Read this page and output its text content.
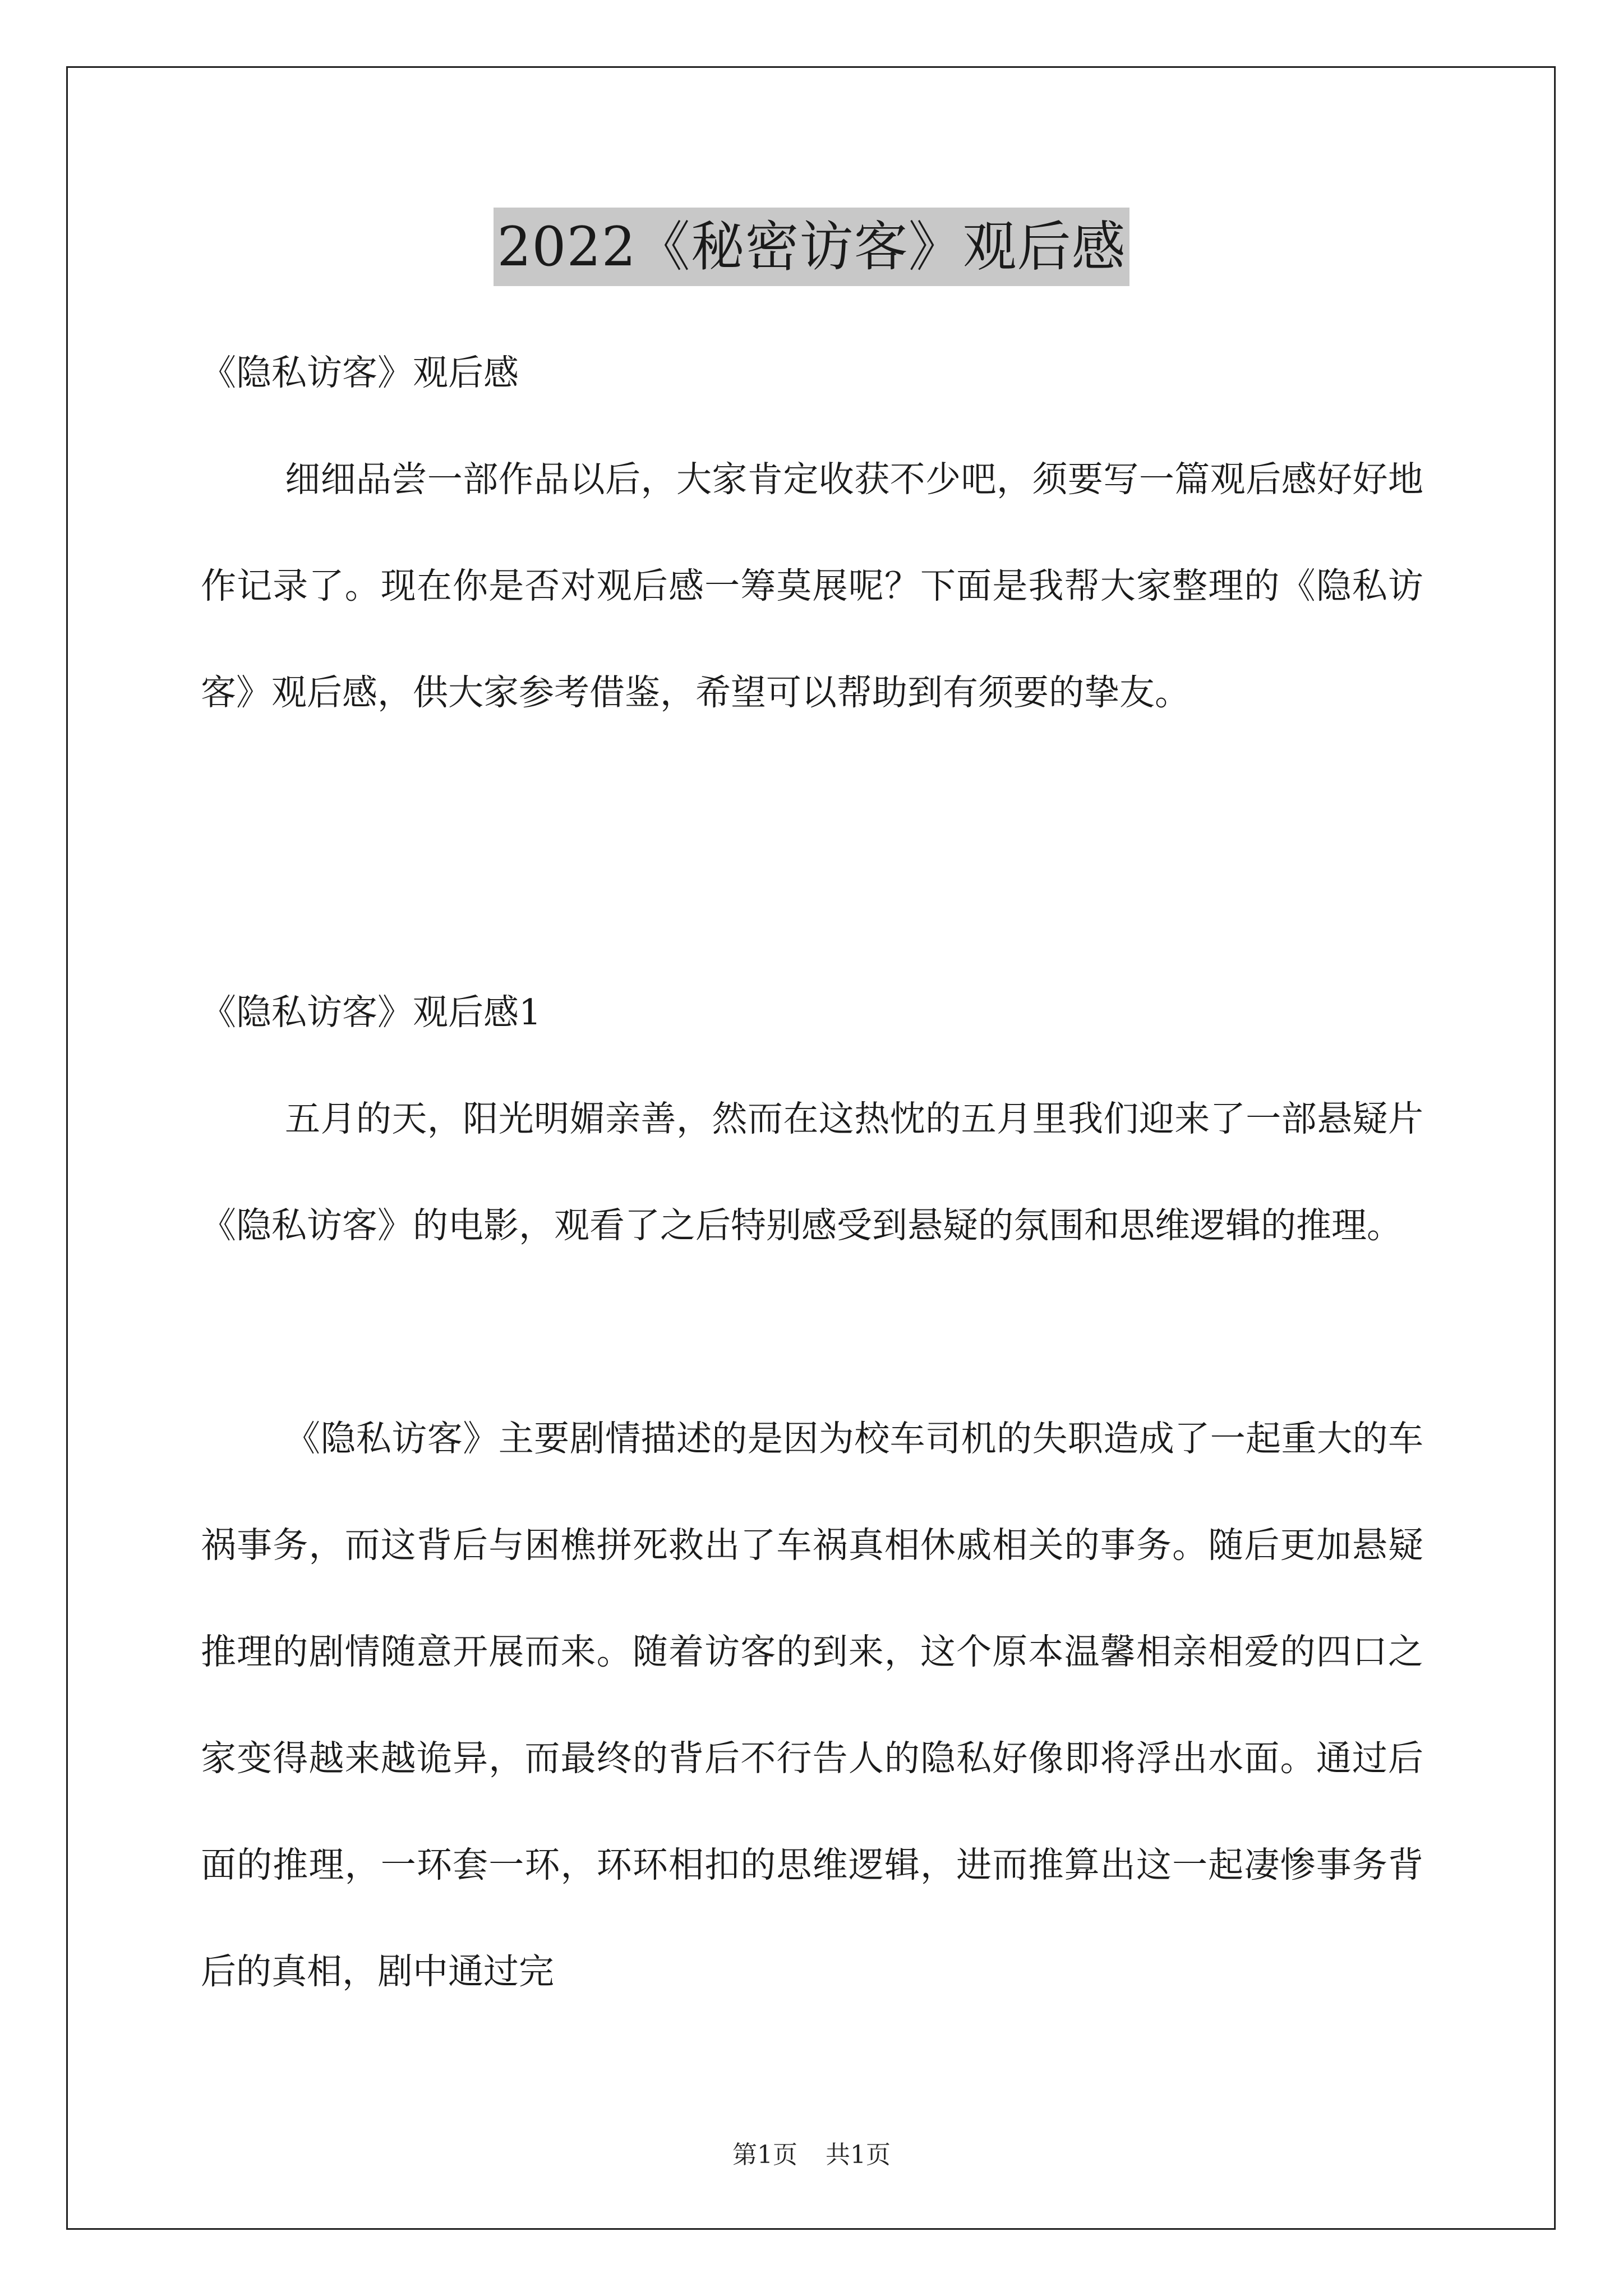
2022《秘密访客》观后感

《隐私访客》观后感

细细品尝一部作品以后，大家肯定收获不少吧，须要写一篇观后感好好地作记录了。现在你是否对观后感一筹莫展呢？下面是我帮大家整理的《隐私访客》观后感，供大家参考借鉴，希望可以帮助到有须要的挚友。

《隐私访客》观后感1

五月的天，阳光明媚亲善，然而在这热忱的五月里我们迎来了一部悬疑片《隐私访客》的电影，观看了之后特别感受到悬疑的氛围和思维逻辑的推理。

《隐私访客》主要剧情描述的是因为校车司机的失职造成了一起重大的车祸事务，而这背后与困樵拼死救出了车祸真相休戚相关的事务。随后更加悬疑推理的剧情随意开展而来。随着访客的到来，这个原本温馨相亲相爱的四口之家变得越来越诡异，而最终的背后不行告人的隐私好像即将浮出水面。通过后面的推理，一环套一环，环环相扣的思维逻辑，进而推算出这一起凄惨事务背后的真相，剧中通过完

第1页 共1页
